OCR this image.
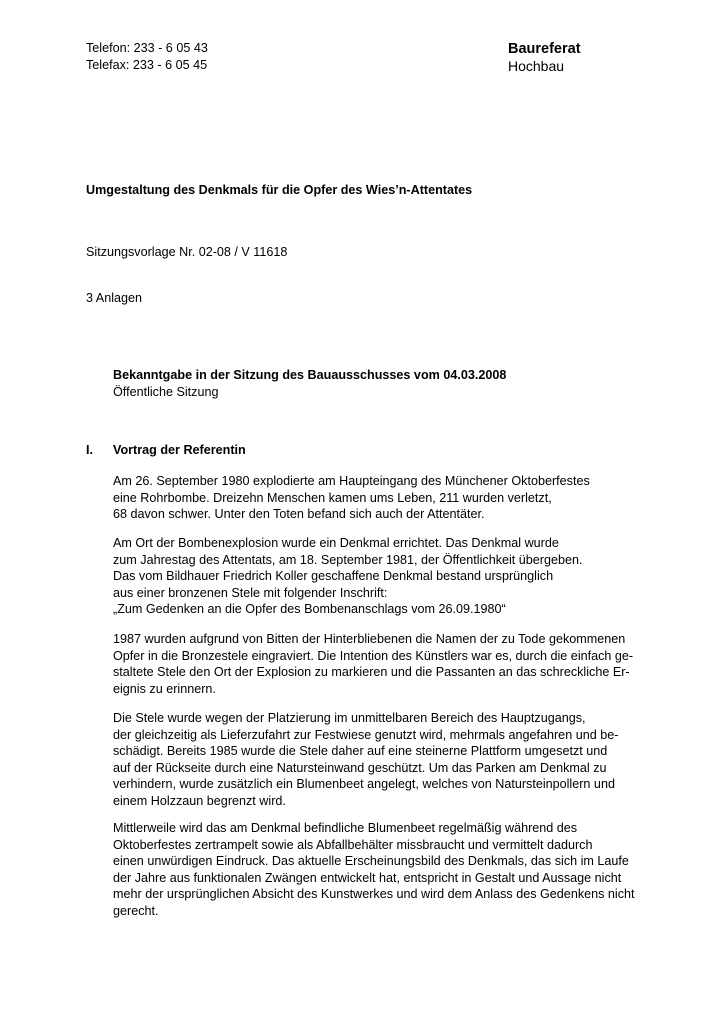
Telefon: 233 - 6 05 43
Telefax: 233 - 6 05 45
Baureferat
Hochbau
Umgestaltung des Denkmals für die Opfer des Wies’n-Attentates
Sitzungsvorlage Nr. 02-08 / V 11618
3 Anlagen
Bekanntgabe in der Sitzung des Bauausschusses vom 04.03.2008
Öffentliche Sitzung
I. Vortrag der Referentin
Am 26. September 1980 explodierte am Haupteingang des Münchener Oktoberfestes
eine Rohrbombe. Dreizehn Menschen kamen ums Leben, 211 wurden verletzt,
68 davon schwer. Unter den Toten befand sich auch der Attentäter.
Am Ort der Bombenexplosion wurde ein Denkmal errichtet. Das Denkmal wurde
zum Jahrestag des Attentats, am 18. September 1981, der Öffentlichkeit übergeben.
Das vom Bildhauer Friedrich Koller geschaffene Denkmal bestand ursprünglich
aus einer bronzenen Stele mit folgender Inschrift:
„Zum Gedenken an die Opfer des Bombenanschlags vom 26.09.1980“
1987 wurden aufgrund von Bitten der Hinterbliebenen die Namen der zu Tode gekommenen
Opfer in die Bronzestele eingraviert. Die Intention des Künstlers war es, durch die einfach ge-
staltete Stele den Ort der Explosion zu markieren und die Passanten an das schreckliche Er-
eignis zu erinnern.
Die Stele wurde wegen der Platzierung im unmittelbaren Bereich des Hauptzugangs,
der gleichzeitig als Lieferzufahrt zur Festwiese genutzt wird, mehrmals angefahren und be-
schädigt. Bereits 1985 wurde die Stele daher auf eine steinerne Plattform umgesetzt und
auf der Rückseite durch eine Natursteinwand geschützt. Um das Parken am Denkmal zu
verhindern, wurde zusätzlich ein Blumenbeet angelegt, welches von Natursteinpollern und
einem Holzzaun begrenzt wird.
Mittlerweile wird das am Denkmal befindliche Blumenbeet regelmäßig während des
Oktoberfestes zertrampelt sowie als Abfallbehälter missbraucht und vermittelt dadurch
einen unwürdigen Eindruck. Das aktuelle Erscheinungsbild des Denkmals, das sich im Laufe
der Jahre aus funktionalen Zwängen entwickelt hat, entspricht in Gestalt und Aussage nicht
mehr der ursprünglichen Absicht des Kunstwerkes und wird dem Anlass des Gedenkens nicht
gerecht.
